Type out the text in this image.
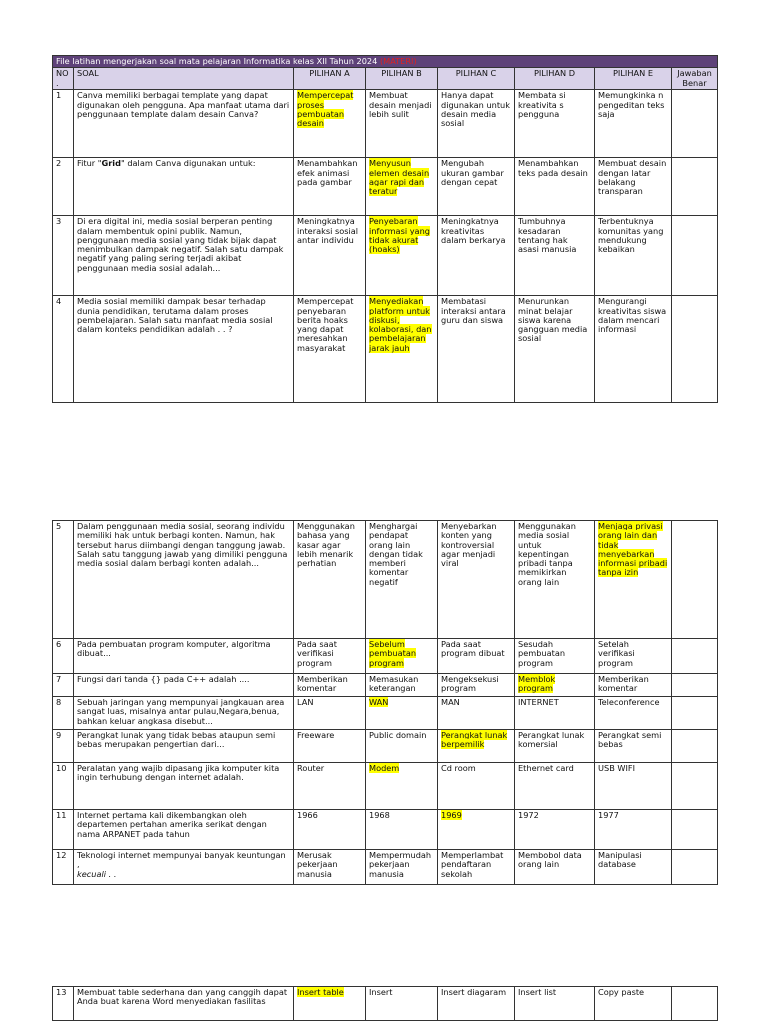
File latihan mengerjakan soal mata pelajaran Informatika kelas XII Tahun 2024 (MATERI)							
NO .	SOAL	PILIHAN A	PILIHAN B	PILIHAN C	PILIHAN D	PILIHAN E	Jawaban Benar
1	Canva memiliki berbagai template yang dapat digunakan oleh pengguna. Apa manfaat utama dari penggunaan template dalam desain Canva?	Mempercepat proses pembuatan desain	Membuat desain menjadi lebih sulit	Hanya dapat digunakan untuk desain media sosial	Membata si kreativita s pengguna	Memungkinka n pengeditan teks saja	
2	Fitur "Grid" dalam Canva digunakan untuk:	Menambahkan efek animasi pada gambar	Menyusun elemen desain agar rapi dan teratur	Mengubah ukuran gambar dengan cepat	Menambahkan teks pada desain	Membuat desain dengan latar belakang transparan	
3	Di era digital ini, media sosial berperan penting dalam membentuk opini publik. Namun, penggunaan media sosial yang tidak bijak dapat menimbulkan dampak negatif. Salah satu dampak negatif yang paling sering terjadi akibat penggunaan media sosial adalah...	Meningkatnya interaksi sosial antar individu	Penyebaran informasi yang tidak akurat (hoaks)	Meningkatnya kreativitas dalam berkarya	Tumbuhnya kesadaran tentang hak asasi manusia	Terbentuknya komunitas yang mendukung kebaikan	
4	Media sosial memiliki dampak besar terhadap dunia pendidikan, terutama dalam proses pembelajaran. Salah satu manfaat media sosial dalam konteks pendidikan adalah . . ?	Mempercepat penyebaran berita hoaks yang dapat meresahkan masyarakat	Menyediakan platform untuk diskusi, kolaborasi, dan pembelajaran jarak jauh	Membatasi interaksi antara guru dan siswa	Menurunkan minat belajar siswa karena gangguan media sosial	Mengurangi kreativitas siswa dalam mencari informasi	
5	Dalam penggunaan media sosial, seorang individu memiliki hak untuk berbagi konten. Namun, hak tersebut harus diimbangi dengan tanggung jawab. Salah satu tanggung jawab yang dimiliki pengguna media sosial dalam berbagi konten adalah...	Menggunakan bahasa yang kasar agar lebih menarik perhatian	Menghargai pendapat orang lain dengan tidak memberi komentar negatif	Menyebarkan konten yang kontroversial agar menjadi viral	Menggunakan media sosial untuk kepentingan pribadi tanpa memikirkan orang lain	Menjaga privasi orang lain dan tidak menyebarkan informasi pribadi tanpa izin	
6	Pada pembuatan program komputer, algoritma dibuat...	Pada saat verifikasi program	Sebelum pembuatan program	Pada saat program dibuat	Sesudah pembuatan program	Setelah verifikasi program	
7	Fungsi dari tanda {} pada C++ adalah ....	Memberikan komentar	Memasukan keterangan	Mengeksekusi program	Memblok program	Memberikan komentar	
8	Sebuah jaringan yang mempunyai jangkauan area sangat luas, misalnya antar pulau,Negara,benua, bahkan keluar angkasa disebut...	LAN	WAN	MAN	INTERNET	Teleconference	
9	Perangkat lunak yang tidak bebas ataupun semi bebas merupakan pengertian dari...	Freeware	Public domain	Perangkat lunak berpemilik	Perangkat lunak komersial	Perangkat semi bebas	
10	Peralatan yang wajib dipasang jika komputer kita ingin terhubung dengan internet adalah.	Router	Modem	Cd room	Ethernet card	USB WIFI	
11	Internet pertama kali dikembangkan oleh departemen pertahan amerika serikat dengan nama ARPANET pada tahun	1966	1968	1969	1972	1977	
12	Teknologi internet mempunyai banyak keuntungan ,
kecuali . .	Merusak pekerjaan manusia	Mempermudah pekerjaan manusia	Memperlambat pendaftaran sekolah	Membobol data orang lain	Manipulasi database	
13	Membuat table sederhana dan yang canggih dapat Anda buat karena Word menyediakan fasilitas	Insert table	Insert	Insert diagaram	Insert list	Copy paste	
